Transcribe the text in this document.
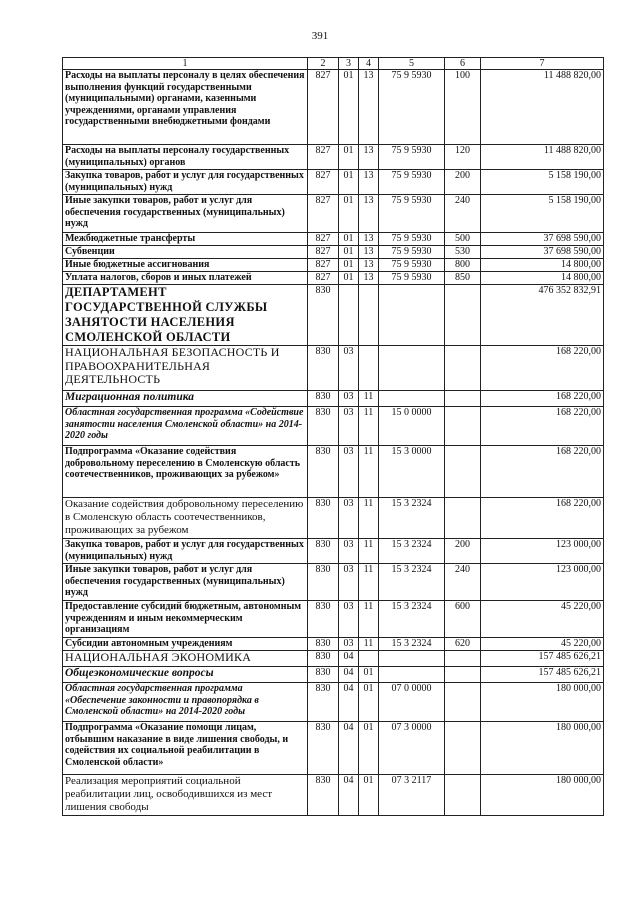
391
1	2	3	4	5	6	7
Расходы на выплаты персоналу в целях обеспечения выполнения функций государственными (муниципальными) органами, казенными учреждениями, органами управления государственными внебюджетными фондами	827	01	13	75 9 5930	100	11 488 820,00
Расходы на выплаты персоналу государственных (муниципальных) органов	827	01	13	75 9 5930	120	11 488 820,00
Закупка товаров, работ и услуг для государственных (муниципальных) нужд	827	01	13	75 9 5930	200	5 158 190,00
Иные закупки товаров, работ и услуг для обеспечения государственных (муниципальных) нужд	827	01	13	75 9 5930	240	5 158 190,00
Межбюджетные трансферты	827	01	13	75 9 5930	500	37 698 590,00
Субвенции	827	01	13	75 9 5930	530	37 698 590,00
Иные бюджетные ассигнования	827	01	13	75 9 5930	800	14 800,00
Уплата налогов, сборов и иных платежей	827	01	13	75 9 5930	850	14 800,00
ДЕПАРТАМЕНТ ГОСУДАРСТВЕННОЙ СЛУЖБЫ ЗАНЯТОСТИ НАСЕЛЕНИЯ СМОЛЕНСКОЙ ОБЛАСТИ	830					476 352 832,91
НАЦИОНАЛЬНАЯ БЕЗОПАСНОСТЬ И ПРАВООХРАНИТЕЛЬНАЯ ДЕЯТЕЛЬНОСТЬ	830	03				168 220,00
Миграционная политика	830	03	11			168 220,00
Областная государственная программа «Содействие занятости населения Смоленской области» на 2014-2020 годы	830	03	11	15 0 0000		168 220,00
Подпрограмма «Оказание содействия добровольному переселению в Смоленскую область соотечественников, проживающих за рубежом»	830	03	11	15 3 0000		168 220,00
Оказание содействия добровольному переселению в Смоленскую область соотечественников, проживающих за рубежом	830	03	11	15 3 2324		168 220,00
Закупка товаров, работ и услуг для государственных (муниципальных) нужд	830	03	11	15 3 2324	200	123 000,00
Иные закупки товаров, работ и услуг для обеспечения государственных (муниципальных) нужд	830	03	11	15 3 2324	240	123 000,00
Предоставление субсидий бюджетным, автономным учреждениям и иным некоммерческим организациям	830	03	11	15 3 2324	600	45 220,00
Субсидии автономным учреждениям	830	03	11	15 3 2324	620	45 220,00
НАЦИОНАЛЬНАЯ ЭКОНОМИКА	830	04				157 485 626,21
Общеэкономические вопросы	830	04	01			157 485 626,21
Областная государственная программа «Обеспечение законности и правопорядка в Смоленской области» на 2014-2020 годы	830	04	01	07 0 0000		180 000,00
Подпрограмма «Оказание помощи лицам, отбывшим наказание в виде лишения свободы, и содействия их социальной реабилитации в Смоленской области»	830	04	01	07 3 0000		180 000,00
Реализация мероприятий социальной реабилитации лиц, освободившихся из мест лишения свободы	830	04	01	07 3 2117		180 000,00
